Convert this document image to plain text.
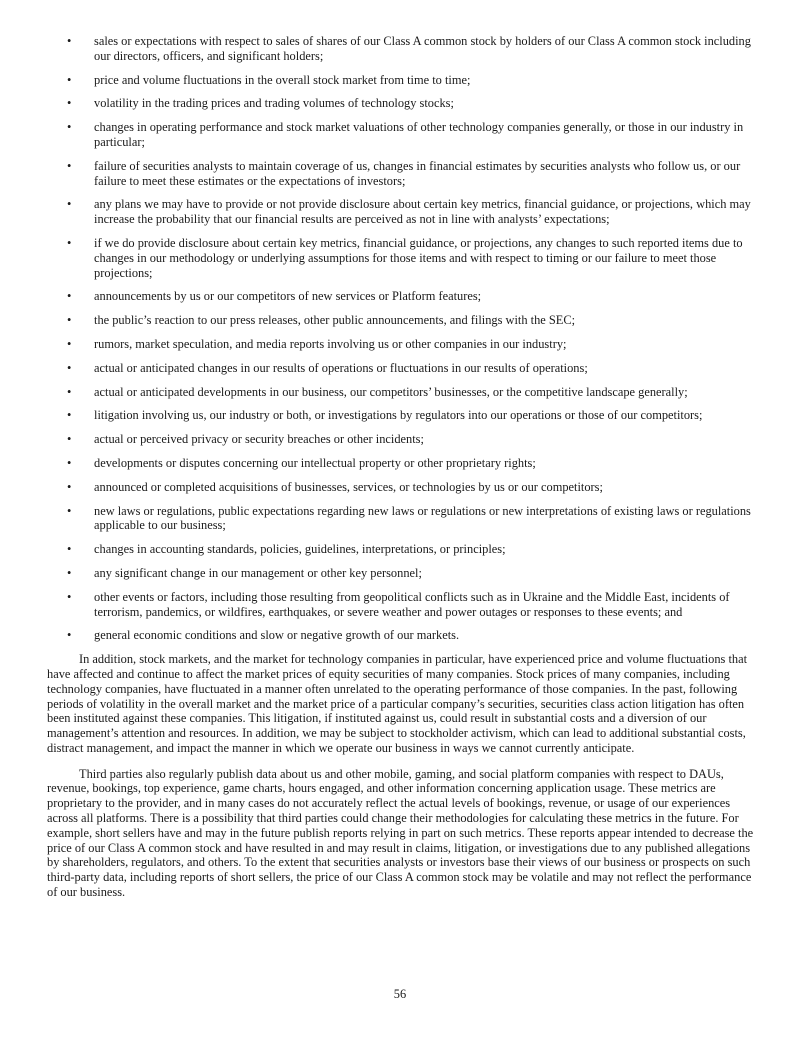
• sales or expectations with respect to sales of shares of our Class A common stock by holders of our Class A common stock including our directors, officers, and significant holders;
• price and volume fluctuations in the overall stock market from time to time;
• volatility in the trading prices and trading volumes of technology stocks;
• changes in operating performance and stock market valuations of other technology companies generally, or those in our industry in particular;
• failure of securities analysts to maintain coverage of us, changes in financial estimates by securities analysts who follow us, or our failure to meet these estimates or the expectations of investors;
• any plans we may have to provide or not provide disclosure about certain key metrics, financial guidance, or projections, which may increase the probability that our financial results are perceived as not in line with analysts’ expectations;
• if we do provide disclosure about certain key metrics, financial guidance, or projections, any changes to such reported items due to changes in our methodology or underlying assumptions for those items and with respect to timing or our failure to meet those projections;
• announcements by us or our competitors of new services or Platform features;
• the public’s reaction to our press releases, other public announcements, and filings with the SEC;
• rumors, market speculation, and media reports involving us or other companies in our industry;
• actual or anticipated changes in our results of operations or fluctuations in our results of operations;
• actual or anticipated developments in our business, our competitors’ businesses, or the competitive landscape generally;
• litigation involving us, our industry or both, or investigations by regulators into our operations or those of our competitors;
• actual or perceived privacy or security breaches or other incidents;
• developments or disputes concerning our intellectual property or other proprietary rights;
• announced or completed acquisitions of businesses, services, or technologies by us or our competitors;
• new laws or regulations, public expectations regarding new laws or regulations or new interpretations of existing laws or regulations applicable to our business;
• changes in accounting standards, policies, guidelines, interpretations, or principles;
• any significant change in our management or other key personnel;
• other events or factors, including those resulting from geopolitical conflicts such as in Ukraine and the Middle East, incidents of terrorism, pandemics, or wildfires, earthquakes, or severe weather and power outages or responses to these events; and
• general economic conditions and slow or negative growth of our markets.

In addition, stock markets, and the market for technology companies in particular, have experienced price and volume fluctuations that have affected and continue to affect the market prices of equity securities of many companies. Stock prices of many companies, including technology companies, have fluctuated in a manner often unrelated to the operating performance of those companies. In the past, following periods of volatility in the overall market and the market price of a particular company’s securities, securities class action litigation has often been instituted against these companies. This litigation, if instituted against us, could result in substantial costs and a diversion of our management’s attention and resources. In addition, we may be subject to stockholder activism, which can lead to additional substantial costs, distract management, and impact the manner in which we operate our business in ways we cannot currently anticipate.

Third parties also regularly publish data about us and other mobile, gaming, and social platform companies with respect to DAUs, revenue, bookings, top experience, game charts, hours engaged, and other information concerning application usage. These metrics are proprietary to the provider, and in many cases do not accurately reflect the actual levels of bookings, revenue, or usage of our experiences across all platforms. There is a possibility that third parties could change their methodologies for calculating these metrics in the future. For example, short sellers have and may in the future publish reports relying in part on such metrics. These reports appear intended to decrease the price of our Class A common stock and have resulted in and may result in claims, litigation, or investigations due to any published allegations by shareholders, regulators, and others. To the extent that securities analysts or investors base their views of our business or prospects on such third-party data, including reports of short sellers, the price of our Class A common stock may be volatile and may not reflect the performance of our business.

56
